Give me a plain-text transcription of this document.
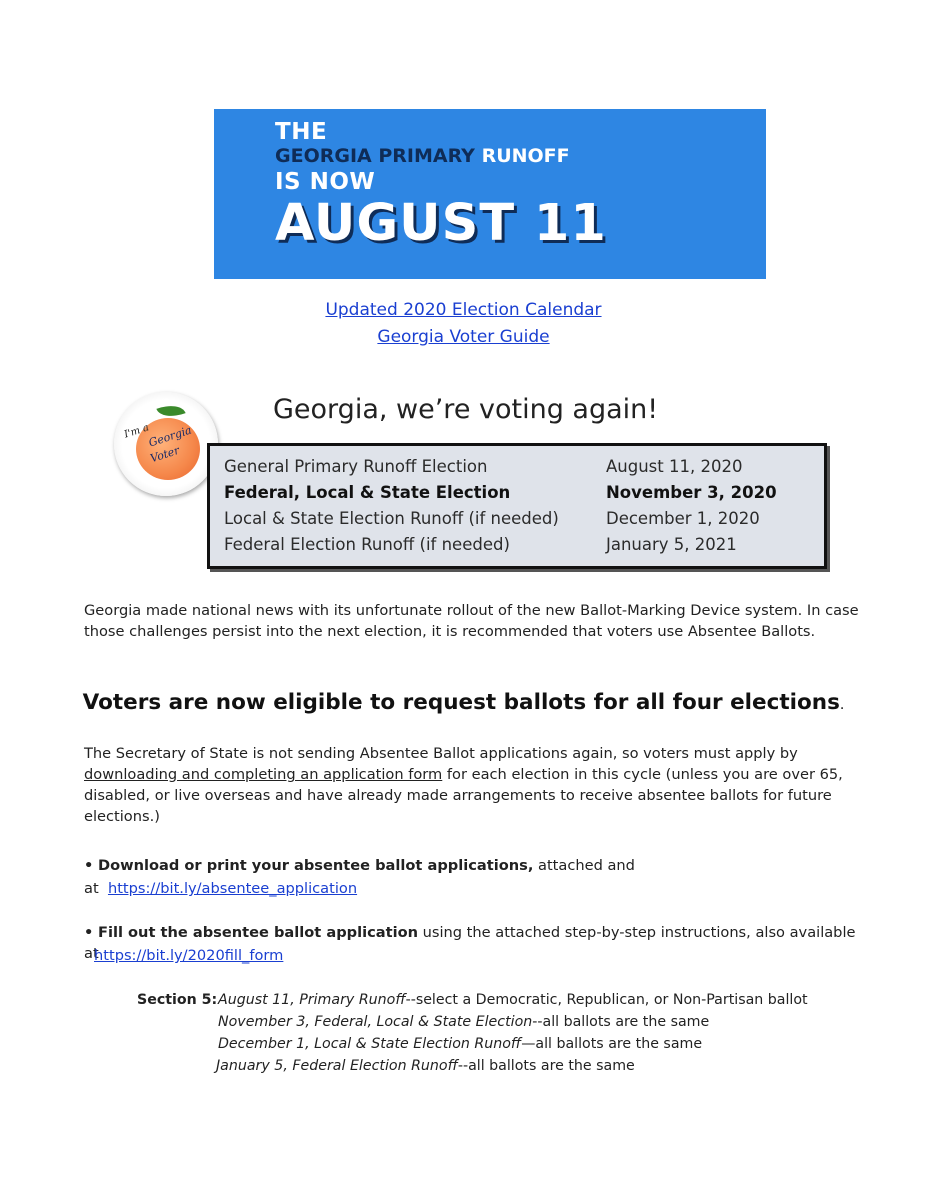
THE
GEORGIA PRIMARY RUNOFF
IS NOW
AUGUST 11
Updated 2020 Election Calendar
Georgia Voter Guide
I'm a
Georgia
Voter
Georgia, we’re voting again!
General Primary Runoff Election	August 11, 2020
Federal, Local & State Election	November 3, 2020
Local & State Election Runoff (if needed)	December 1, 2020
Federal Election Runoff (if needed)	January 5, 2021
Georgia made national news with its unfortunate rollout of the new Ballot-Marking Device system. In case those challenges persist into the next election, it is recommended that voters use Absentee Ballots.
Voters are now eligible to request ballots for all four elections.
The Secretary of State is not sending Absentee Ballot applications again, so voters must apply by downloading and completing an application form for each election in this cycle (unless you are over 65, disabled, or live overseas and have already made arrangements to receive absentee ballots for future elections.)
• Download or print your absentee ballot applications, attached and
at  https://bit.ly/absentee_application
• Fill out the absentee ballot application using the attached step-by-step instructions, also available at
https://bit.ly/2020fill_form
Section 5: August 11, Primary Runoff--select a Democratic, Republican, or Non-Partisan ballot
November 3, Federal, Local & State Election--all ballots are the same
December 1, Local & State Election Runoff—all ballots are the same
January 5, Federal Election Runoff--all ballots are the same
